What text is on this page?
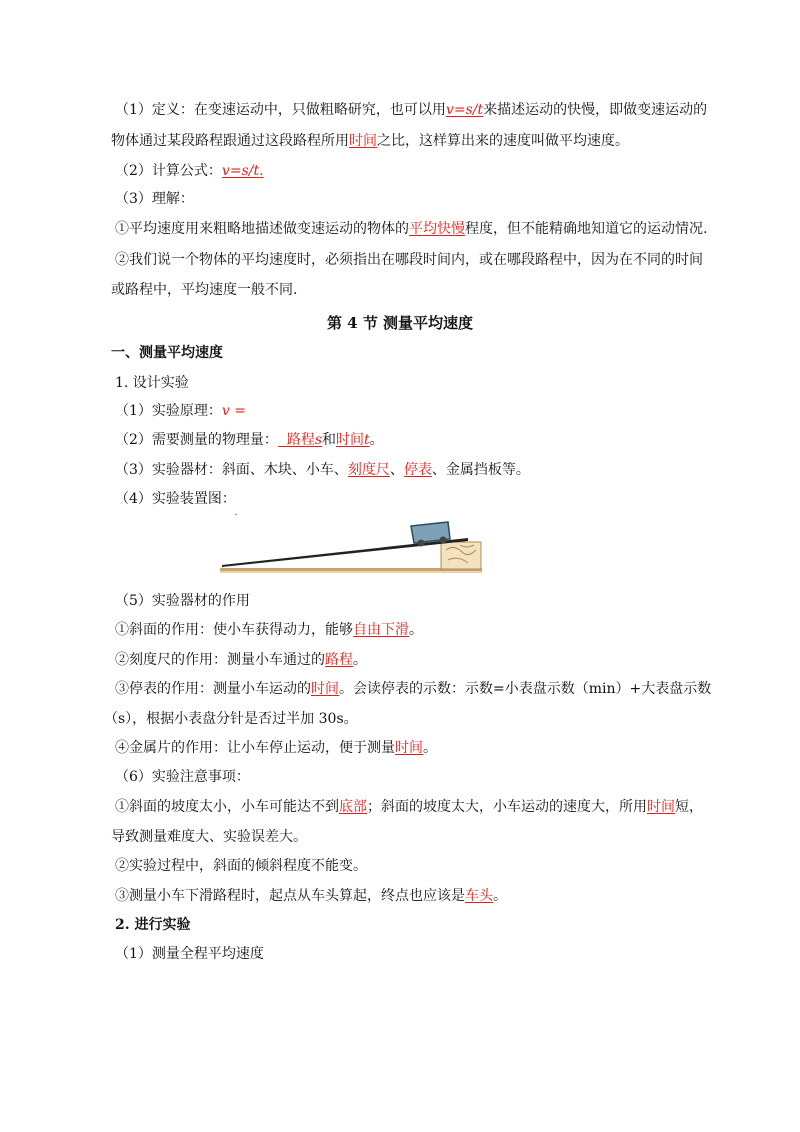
（1）定义：在变速运动中，只做粗略研究，也可以用v=s/t来描述运动的快慢，即做变速运动的
物体通过某段路程跟通过这段路程所用时间之比，这样算出来的速度叫做平均速度。
（2）计算公式：v=s/t.
（3）理解：
①平均速度用来粗略地描述做变速运动的物体的平均快慢程度，但不能精确地知道它的运动情况.
②我们说一个物体的平均速度时，必须指出在哪段时间内，或在哪段路程中，因为在不同的时间
或路程中，平均速度一般不同.
第 4 节 测量平均速度
一、测量平均速度
1. 设计实验
（1）实验原理：v =
（2）需要测量的物理量：  路程s和时间t。
（3）实验器材：斜面、木块、小车、刻度尺、停表、金属挡板等。
（4）实验装置图：
（5）实验器材的作用
①斜面的作用：使小车获得动力，能够自由下滑。
②刻度尺的作用：测量小车通过的路程。
③停表的作用：测量小车运动的时间。会读停表的示数：示数=小表盘示数（min）+大表盘示数
（s），根据小表盘分针是否过半加 30s。
④金属片的作用：让小车停止运动，便于测量时间。
（6）实验注意事项：
①斜面的坡度太小，小车可能达不到底部；斜面的坡度太大，小车运动的速度大，所用时间短，
导致测量难度大、实验误差大。
②实验过程中，斜面的倾斜程度不能变。
③测量小车下滑路程时，起点从车头算起，终点也应该是车头。
2. 进行实验
（1）测量全程平均速度
